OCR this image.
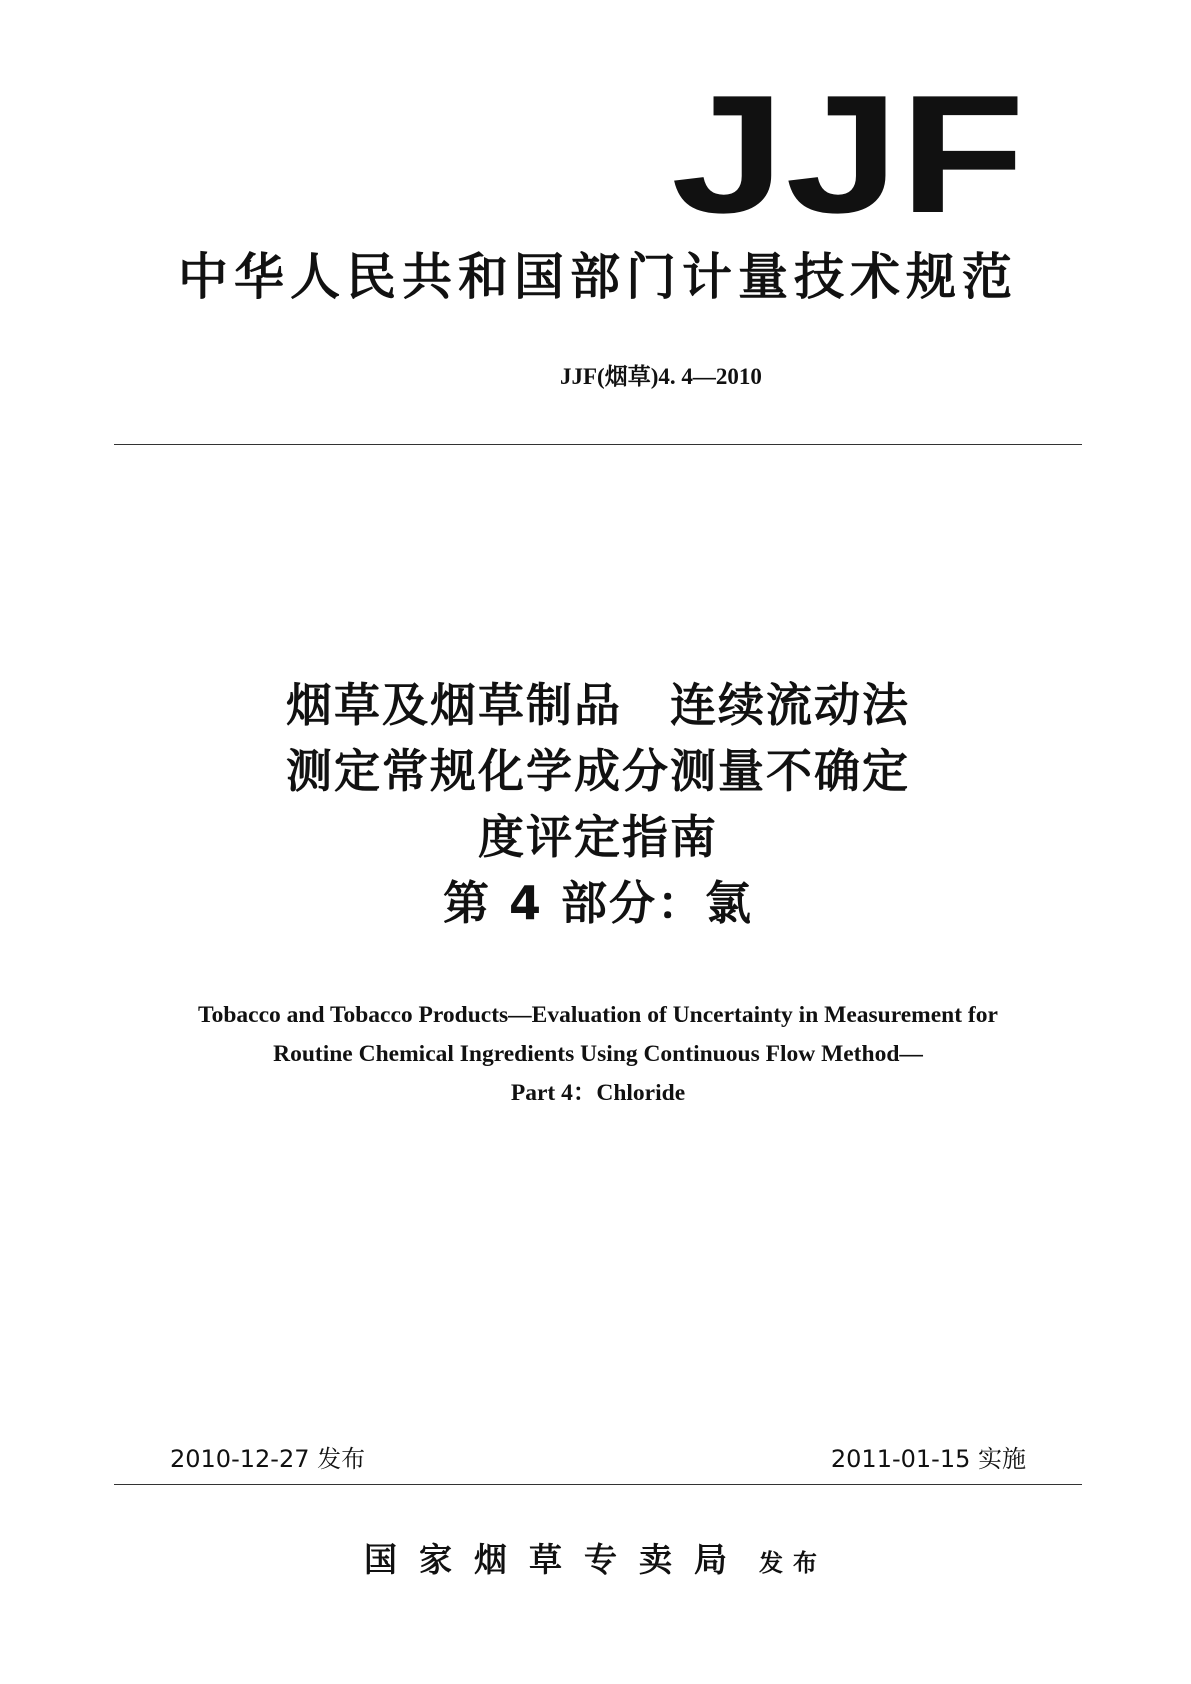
JJF
中华人民共和国部门计量技术规范
JJF(烟草)4. 4—2010
烟草及烟草制品　连续流动法
测定常规化学成分测量不确定
度评定指南
第 4 部分：氯
Tobacco and Tobacco Products—Evaluation of Uncertainty in Measurement for
Routine Chemical Ingredients Using Continuous Flow Method—
Part 4：Chloride
2010-12-27 发布	2011-01-15 实施
国家烟草专卖局 发布
